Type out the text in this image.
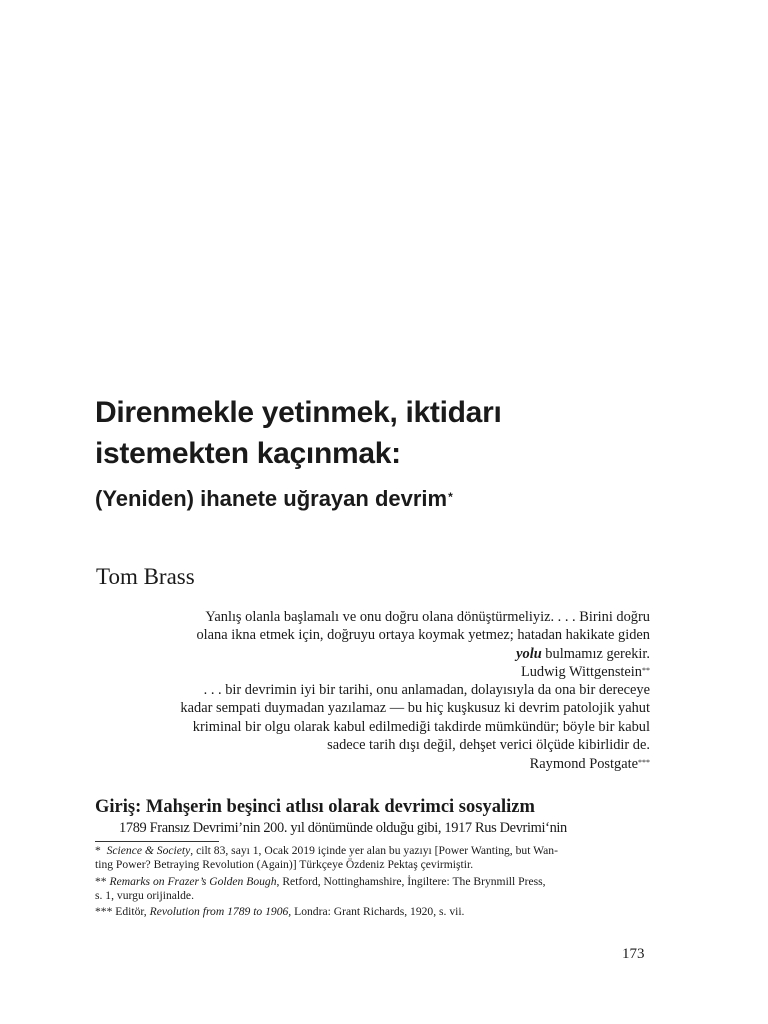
Direnmekle yetinmek, iktidarı
istemekten kaçınmak:
(Yeniden) ihanete uğrayan devrim*
Tom Brass
Yanlış olanla başlamalı ve onu doğru olana dönüştürmeliyiz. . . . Birini doğru
olana ikna etmek için, doğruyu ortaya koymak yetmez; hatadan hakikate giden
yolu bulmamız gerekir.
Ludwig Wittgenstein**
. . . bir devrimin iyi bir tarihi, onu anlamadan, dolayısıyla da ona bir dereceye
kadar sempati duymadan yazılamaz — bu hiç kuşkusuz ki devrim patolojik yahut
kriminal bir olgu olarak kabul edilmediği takdirde mümkündür; böyle bir kabul
sadece tarih dışı değil, dehşet verici ölçüde kibirlidir de.
Raymond Postgate***
Giriş: Mahşerin beşinci atlısı olarak devrimci sosyalizm
1789 Fransız Devrimi’nin 200. yıl dönümünde olduğu gibi, 1917 Rus Devrimi‘nin

* Science & Society, cilt 83, sayı 1, Ocak 2019 içinde yer alan bu yazıyı [Power Wanting, but Wan-
ting Power? Betraying Revolution (Again)] Türkçeye Özdeniz Pektaş çevirmiştir.

** Remarks on Frazer’s Golden Bough, Retford, Nottinghamshire, İngiltere: The Brynmill Press,
s. 1, vurgu orijinalde.

*** Editör, Revolution from 1789 to 1906, Londra: Grant Richards, 1920, s. vii.

173
